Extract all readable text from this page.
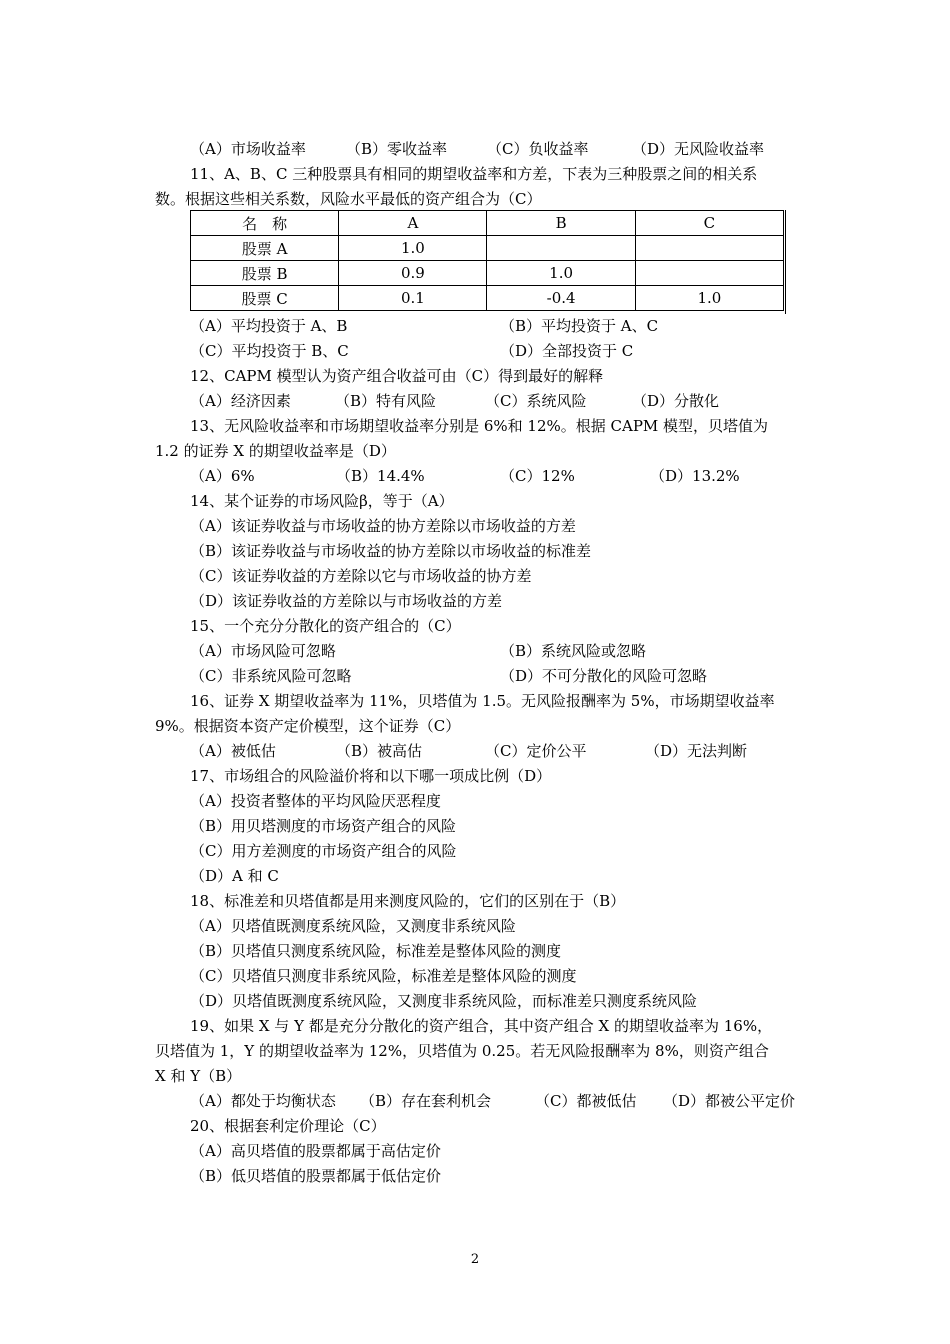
（A）市场收益率	（B）零收益率	（C）负收益率	（D）无风险收益率
11、A、B、C 三种股票具有相同的期望收益率和方差，下表为三种股票之间的相关系
数。根据这些相关系数，风险水平最低的资产组合为（C）
名　称	A	B	C
股票 A	1.0		
股票 B	0.9	1.0	
股票 C	0.1	-0.4	1.0
（A）平均投资于 A、B	（B）平均投资于 A、C
（C）平均投资于 B、C	（D）全部投资于 C
12、CAPM 模型认为资产组合收益可由（C）得到最好的解释
（A）经济因素	（B）特有风险	（C）系统风险	（D）分散化
13、无风险收益率和市场期望收益率分别是 6%和 12%。根据 CAPM 模型，贝塔值为
1.2 的证券 X 的期望收益率是（D）
（A）6%	（B）14.4%	（C）12%	（D）13.2%
14、某个证券的市场风险β，等于（A）
（A）该证券收益与市场收益的协方差除以市场收益的方差
（B）该证券收益与市场收益的协方差除以市场收益的标准差
（C）该证券收益的方差除以它与市场收益的协方差
（D）该证券收益的方差除以与市场收益的方差
15、一个充分分散化的资产组合的（C）
（A）市场风险可忽略	（B）系统风险或忽略
（C）非系统风险可忽略	（D）不可分散化的风险可忽略
16、证券 X 期望收益率为 11%，贝塔值为 1.5。无风险报酬率为 5%，市场期望收益率
9%。根据资本资产定价模型，这个证券（C）
（A）被低估	（B）被高估	（C）定价公平	（D）无法判断
17、市场组合的风险溢价将和以下哪一项成比例（D）
（A）投资者整体的平均风险厌恶程度
（B）用贝塔测度的市场资产组合的风险
（C）用方差测度的市场资产组合的风险
（D）A 和 C
18、标准差和贝塔值都是用来测度风险的，它们的区别在于（B）
（A）贝塔值既测度系统风险，又测度非系统风险
（B）贝塔值只测度系统风险，标准差是整体风险的测度
（C）贝塔值只测度非系统风险，标准差是整体风险的测度
（D）贝塔值既测度系统风险，又测度非系统风险，而标准差只测度系统风险
19、如果 X 与 Y 都是充分分散化的资产组合，其中资产组合 X 的期望收益率为 16%，
贝塔值为 1，Y 的期望收益率为 12%，贝塔值为 0.25。若无风险报酬率为 8%，则资产组合
X 和 Y（B）
（A）都处于均衡状态 （B）存在套利机会	（C）都被低估 （D）都被公平定价
20、根据套利定价理论（C）
（A）高贝塔值的股票都属于高估定价
（B）低贝塔值的股票都属于低估定价
2
